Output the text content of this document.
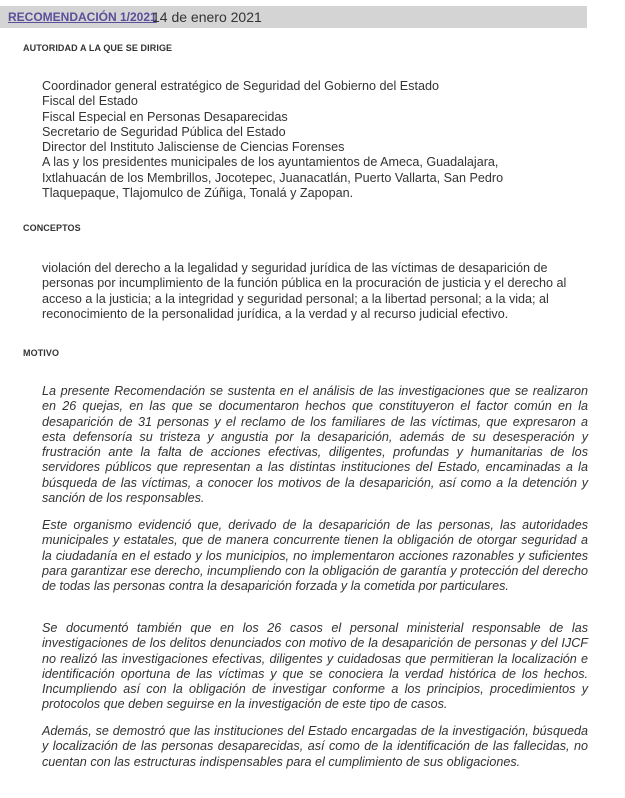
RECOMENDACIÓN 1/2021
14 de enero 2021
AUTORIDAD A LA QUE SE DIRIGE
Coordinador general estratégico de Seguridad del Gobierno del Estado
Fiscal del Estado
Fiscal Especial en Personas Desaparecidas
Secretario de Seguridad Pública del Estado
Director del Instituto Jalisciense de Ciencias Forenses
A las y los presidentes municipales de los ayuntamientos de Ameca, Guadalajara,
Ixtlahuacán de los Membrillos, Jocotepec, Juanacatlán, Puerto Vallarta, San Pedro
Tlaquepaque, Tlajomulco de Zúñiga, Tonalá y Zapopan.
CONCEPTOS
violación del derecho a la legalidad y seguridad jurídica de las víctimas de desaparición de personas por incumplimiento de la función pública en la procuración de justicia y el derecho al acceso a la justicia; a la integridad y seguridad personal; a la libertad personal; a la vida; al reconocimiento de la personalidad jurídica, a la verdad y al recurso judicial efectivo.
MOTIVO
La presente Recomendación se sustenta en el análisis de las investigaciones que se realizaron en 26 quejas, en las que se documentaron hechos que constituyeron el factor común en la desaparición de 31 personas y el reclamo de los familiares de las víctimas, que expresaron a esta defensoría su tristeza y angustia por la desaparición, además de su desesperación y frustración ante la falta de acciones efectivas, diligentes, profundas y humanitarias de los servidores públicos que representan a las distintas instituciones del Estado, encaminadas a la búsqueda de las víctimas, a conocer los motivos de la desaparición, así como a la detención y sanción de los responsables.
Este organismo evidenció que, derivado de la desaparición de las personas, las autoridades municipales y estatales, que de manera concurrente tienen la obligación de otorgar seguridad a la ciudadanía en el estado y los municipios, no implementaron acciones razonables y suficientes para garantizar ese derecho, incumpliendo con la obligación de garantía y protección del derecho de todas las personas contra la desaparición forzada y la cometida por particulares.
Se documentó también que en los 26 casos el personal ministerial responsable de las investigaciones de los delitos denunciados con motivo de la desaparición de personas y del IJCF no realizó las investigaciones efectivas, diligentes y cuidadosas que permitieran la localización e identificación oportuna de las víctimas y que se conociera la verdad histórica de los hechos. Incumpliendo así con la obligación de investigar conforme a los principios, procedimientos y protocolos que deben seguirse en la investigación de este tipo de casos.
Además, se demostró que las instituciones del Estado encargadas de la investigación, búsqueda y localización de las personas desaparecidas, así como de la identificación de las fallecidas, no cuentan con las estructuras indispensables para el cumplimiento de sus obligaciones.
